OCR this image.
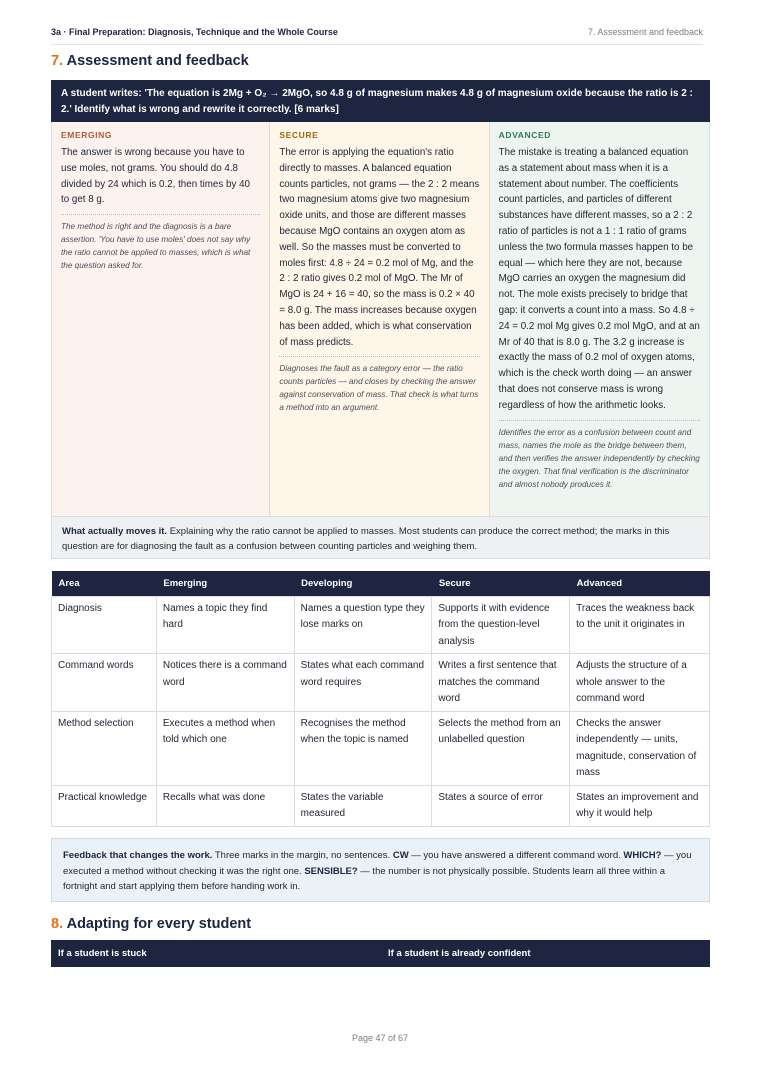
3a · Final Preparation: Diagnosis, Technique and the Whole Course	7. Assessment and feedback
7. Assessment and feedback
A student writes: 'The equation is 2Mg + O₂ → 2MgO, so 4.8 g of magnesium makes 4.8 g of magnesium oxide because the ratio is 2 : 2.' Identify what is wrong and rewrite it correctly. [6 marks]
EMERGING

The answer is wrong because you have to use moles, not grams. You should do 4.8 divided by 24 which is 0.2, then times by 40 to get 8 g.

The method is right and the diagnosis is a bare assertion. 'You have to use moles' does not say why the ratio cannot be applied to masses, which is what the question asked for.

SECURE

The error is applying the equation's ratio directly to masses. A balanced equation counts particles, not grams — the 2 : 2 means two magnesium atoms give two magnesium oxide units, and those are different masses because MgO contains an oxygen atom as well. So the masses must be converted to moles first: 4.8 ÷ 24 = 0.2 mol of Mg, and the 2 : 2 ratio gives 0.2 mol of MgO. The Mr of MgO is 24 + 16 = 40, so the mass is 0.2 × 40 = 8.0 g. The mass increases because oxygen has been added, which is what conservation of mass predicts.

Diagnoses the fault as a category error — the ratio counts particles — and closes by checking the answer against conservation of mass. That check is what turns a method into an argument.

ADVANCED

The mistake is treating a balanced equation as a statement about mass when it is a statement about number. The coefficients count particles, and particles of different substances have different masses, so a 2 : 2 ratio of particles is not a 1 : 1 ratio of grams unless the two formula masses happen to be equal — which here they are not, because MgO carries an oxygen the magnesium did not. The mole exists precisely to bridge that gap: it converts a count into a mass. So 4.8 ÷ 24 = 0.2 mol Mg gives 0.2 mol MgO, and at an Mr of 40 that is 8.0 g. The 3.2 g increase is exactly the mass of 0.2 mol of oxygen atoms, which is the check worth doing — an answer that does not conserve mass is wrong regardless of how the arithmetic looks.

Identifies the error as a confusion between count and mass, names the mole as the bridge between them, and then verifies the answer independently by checking the oxygen. That final verification is the discriminator and almost nobody produces it.

What actually moves it. Explaining why the ratio cannot be applied to masses. Most students can produce the correct method; the marks in this question are for diagnosing the fault as a confusion between counting particles and weighing them.
Area	Emerging	Developing	Secure	Advanced
Diagnosis	Names a topic they find hard	Names a question type they lose marks on	Supports it with evidence from the question-level analysis	Traces the weakness back to the unit it originates in
Command words	Notices there is a command word	States what each command word requires	Writes a first sentence that matches the command word	Adjusts the structure of a whole answer to the command word
Method selection	Executes a method when told which one	Recognises the method when the topic is named	Selects the method from an unlabelled question	Checks the answer independently — units, magnitude, conservation of mass
Practical knowledge	Recalls what was done	States the variable measured	States a source of error	States an improvement and why it would help
Feedback that changes the work. Three marks in the margin, no sentences. CW — you have answered a different command word. WHICH? — you executed a method without checking it was the right one. SENSIBLE? — the number is not physically possible. Students learn all three within a fortnight and start applying them before handing work in.
8. Adapting for every student
If a student is stuck	If a student is already confident
Page 47 of 67
